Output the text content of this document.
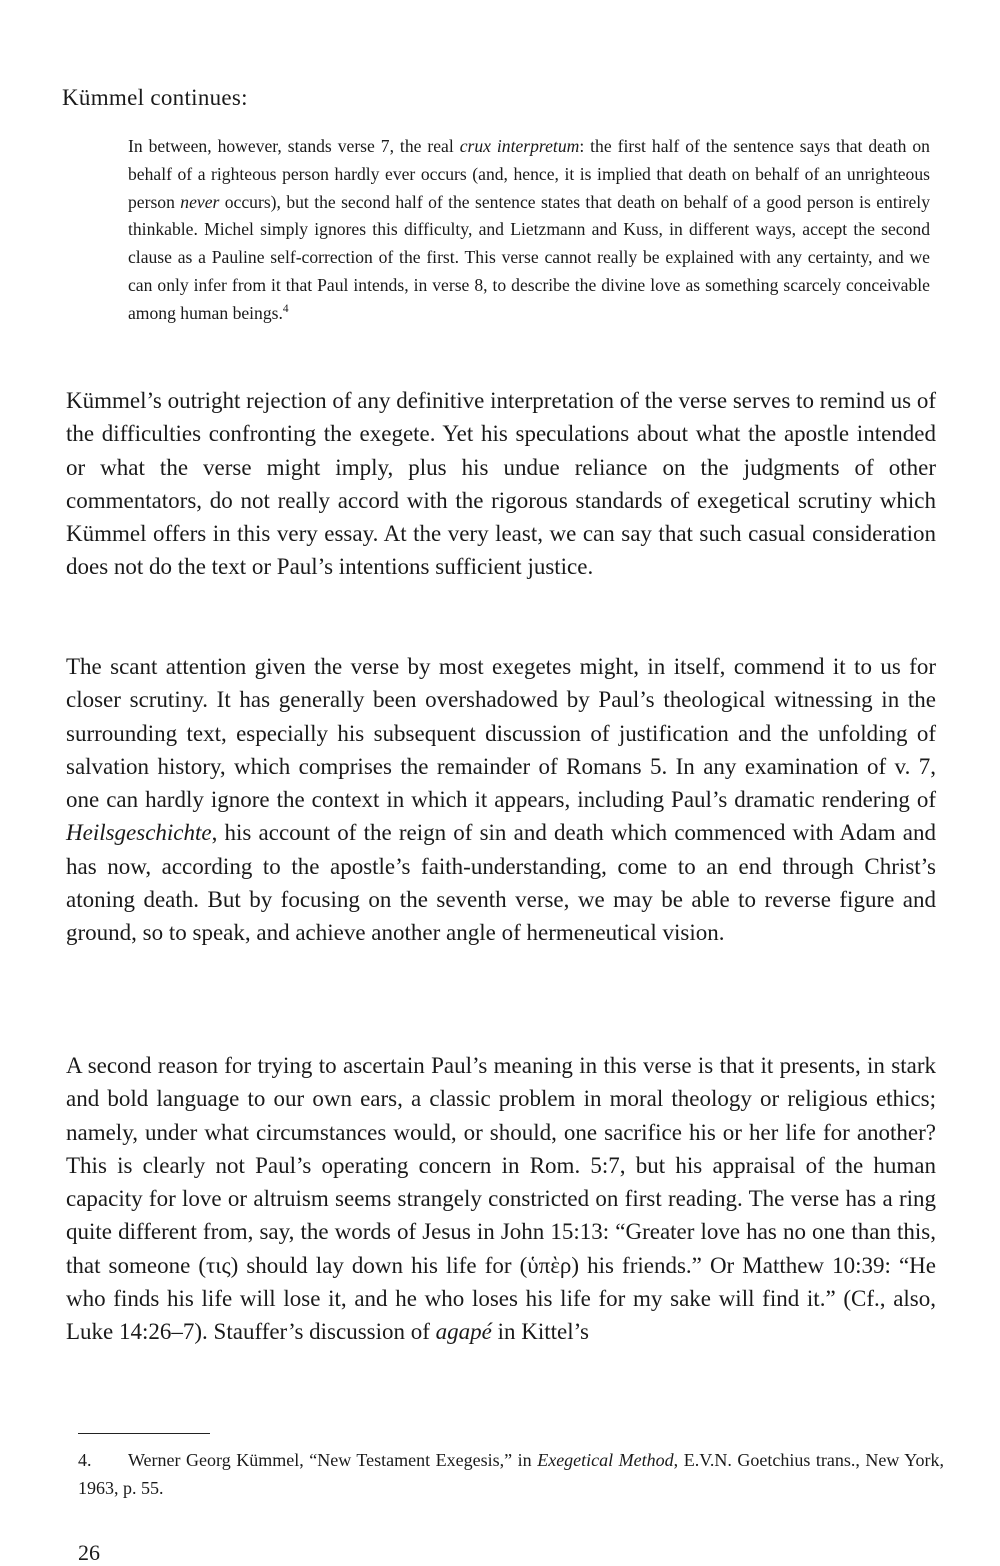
Kümmel continues:
In between, however, stands verse 7, the real crux interpretum: the first half of the sentence says that death on behalf of a righteous person hardly ever occurs (and, hence, it is implied that death on behalf of an unrighteous person never occurs), but the second half of the sentence states that death on behalf of a good person is entirely thinkable. Michel simply ignores this difficulty, and Lietzmann and Kuss, in different ways, accept the second clause as a Pauline self-correction of the first. This verse cannot really be explained with any certainty, and we can only infer from it that Paul intends, in verse 8, to describe the divine love as something scarcely conceivable among human beings.$^4$
Kümmel’s outright rejection of any definitive interpretation of the verse serves to remind us of the difficulties confronting the exegete. Yet his speculations about what the apostle intended or what the verse might imply, plus his undue reliance on the judgments of other commentators, do not really accord with the rigorous standards of exegetical scrutiny which Kümmel offers in this very essay. At the very least, we can say that such casual consideration does not do the text or Paul’s intentions sufficient justice.
The scant attention given the verse by most exegetes might, in itself, commend it to us for closer scrutiny. It has generally been overshadowed by Paul’s theological witnessing in the surrounding text, especially his subsequent discussion of justification and the unfolding of salvation history, which comprises the remainder of Romans 5. In any examination of v. 7, one can hardly ignore the context in which it appears, including Paul’s dramatic rendering of Heilsgeschichte, his account of the reign of sin and death which commenced with Adam and has now, according to the apostle’s faith-understanding, come to an end through Christ’s atoning death. But by focusing on the seventh verse, we may be able to reverse figure and ground, so to speak, and achieve another angle of hermeneutical vision.
A second reason for trying to ascertain Paul’s meaning in this verse is that it presents, in stark and bold language to our own ears, a classic problem in moral theology or religious ethics; namely, under what circumstances would, or should, one sacrifice his or her life for another? This is clearly not Paul’s operating concern in Rom. 5:7, but his appraisal of the human capacity for love or altruism seems strangely constricted on first reading. The verse has a ring quite different from, say, the words of Jesus in John 15:13: “Greater love has no one than this, that someone (τις) should lay down his life for (ὑπὲρ) his friends.” Or Matthew 10:39: “He who finds his life will lose it, and he who loses his life for my sake will find it.” (Cf., also, Luke 14:26–7). Stauffer’s discussion of agapé in Kittel’s
4. Werner Georg Kümmel, “New Testament Exegesis,” in Exegetical Method, E.V.N. Goetchius trans., New York, 1963, p. 55.
26
